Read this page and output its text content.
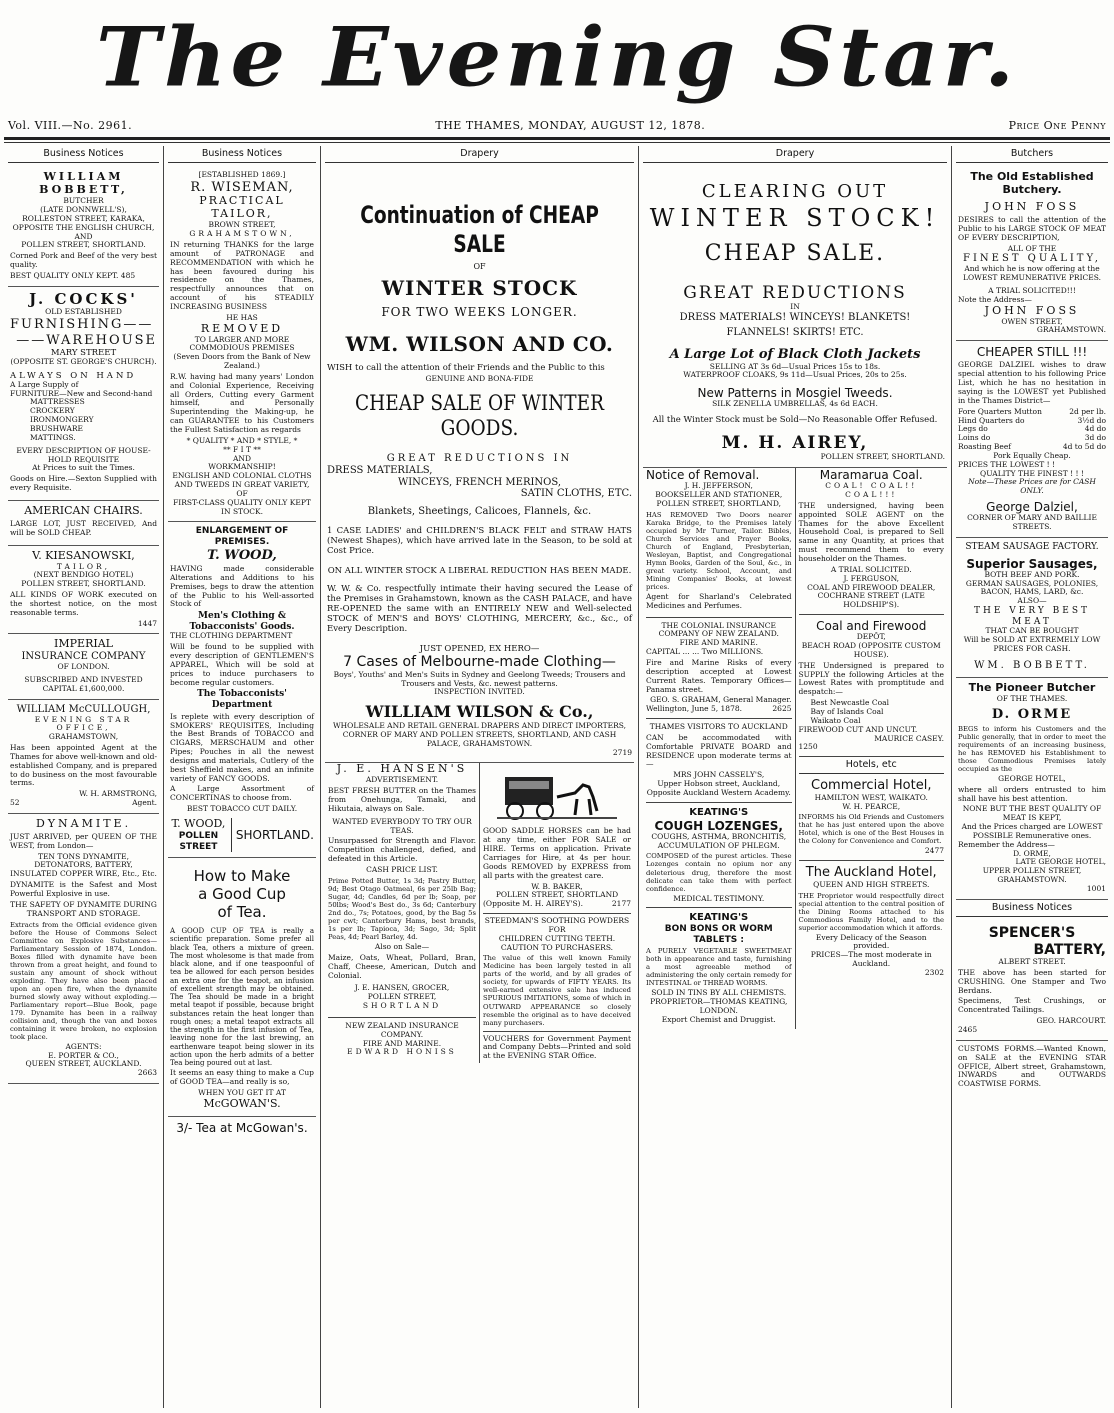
The Evening Star.
Vol. VIII.—No. 2961.	THE THAMES, MONDAY, AUGUST 12, 1878.	Price One Penny
Business Notices
WILLIAM BOBBETT,
BUTCHER
(LATE DONNWELL'S),
ROLLESTON STREET, KARAKA,
OPPOSITE THE ENGLISH CHURCH,
AND
POLLEN STREET, SHORTLAND.
Corned Pork and Beef of the very best quality.
BEST QUALITY ONLY KEPT. 485
J. COCKS'
OLD ESTABLISHED
FURNISHING——
——WAREHOUSE
MARY STREET
(OPPOSITE ST. GEORGE'S CHURCH).
ALWAYS ON HAND
A Large Supply of
FURNITURE—New and Second-hand
MATTRESSES
CROCKERY
IRONMONGERY
BRUSHWARE
MATTINGS.
EVERY DESCRIPTION OF HOUSE-HOLD REQUISITE
At Prices to suit the Times.
Goods on Hire.—Sexton Supplied with every Requisite.
AMERICAN CHAIRS.
LARGE LOT, JUST RECEIVED, And will be SOLD CHEAP.
V. KIESANOWSKI,
TAILOR,
(NEXT BENDIGO HOTEL)
POLLEN STREET, SHORTLAND.
ALL KINDS OF WORK executed on the shortest notice, on the most reasonable terms.
1447
IMPERIAL
INSURANCE COMPANY
OF LONDON.
SUBSCRIBED AND INVESTED
CAPITAL £1,600,000.
WILLIAM McCULLOUGH,
EVENING STAR OFFICE,
GRAHAMSTOWN,
Has been appointed Agent at the Thames for above well-known and old-established Company, and is prepared to do business on the most favourable terms.
W. H. ARMSTRONG,
52	Agent.
DYNAMITE.
JUST ARRIVED, per QUEEN OF THE WEST, from London—
TEN TONS DYNAMITE,
DETONATORS, BATTERY, INSULATED COPPER WIRE, Etc., Etc.
DYNAMITE is the Safest and Most Powerful Explosive in use.
THE SAFETY OF DYNAMITE DURING TRANSPORT AND STORAGE.
Extracts from the Official evidence given before the House of Commons Select Committee on Explosive Substances—Parliamentary Session of 1874, London. Boxes filled with dynamite have been thrown from a great height, and found to sustain any amount of shock without exploding. They have also been placed upon an open fire, when the dynamite burned slowly away without exploding.—Parliamentary report—Blue Book, page 179. Dynamite has been in a railway collision and, though the van and boxes containing it were broken, no explosion took place.
AGENTS:
E. PORTER & CO.,
QUEEN STREET, AUCKLAND.
2663
Business Notices
[ESTABLISHED 1869.]
R. WISEMAN,
PRACTICAL TAILOR,
BROWN STREET,
GRAHAMSTOWN,
IN returning THANKS for the large amount of PATRONAGE and RECOMMENDATION with which he has been favoured during his residence on the Thames, respectfully announces that on account of his STEADILY INCREASING BUSINESS
HE HAS
REMOVED
TO LARGER AND MORE COMMODIOUS PREMISES
(Seven Doors from the Bank of New Zealand.)
R.W. having had many years' London and Colonial Experience, Receiving all Orders, Cutting every Garment himself, and Personally Superintending the Making-up, he can GUARANTEE to his Customers the Fullest Satisfaction as regards
* QUALITY * AND * STYLE, *
** F I T **
AND
WORKMANSHIP!
ENGLISH AND COLONIAL CLOTHS AND TWEEDS IN GREAT VARIETY,
OF
FIRST-CLASS QUALITY ONLY KEPT IN STOCK.
ENLARGEMENT OF PREMISES.
T. WOOD,
HAVING made considerable Alterations and Additions to his Premises, begs to draw the attention of the Public to his Well-assorted Stock of
Men's Clothing & Tobacconists' Goods.
THE CLOTHING DEPARTMENT
Will be found to be supplied with every description of GENTLEMEN'S APPAREL, Which will be sold at prices to induce purchasers to become regular customers.
The Tobacconists' Department
Is replete with every description of SMOKERS' REQUISITES, Including the Best Brands of TOBACCO and CIGARS, MERSCHAUM and other Pipes; Pouches in all the newest designs and materials, Cutlery of the best Sheffield makes, and an infinite variety of FANCY GOODS.
A Large Assortment of CONCERTINAS to choose from.
BEST TOBACCO CUT DAILY.
T. WOOD,
POLLEN STREET
SHORTLAND.
How to Make
a Good Cup
of Tea.
A GOOD CUP OF TEA is really a scientific preparation. Some prefer all black Tea, others a mixture of green. The most wholesome is that made from black alone, and if one teaspoonful of tea be allowed for each person besides an extra one for the teapot, an infusion of excellent strength may be obtained. The Tea should be made in a bright metal teapot if possible, because bright substances retain the heat longer than rough ones; a metal teapot extracts all the strength in the first infusion of Tea, leaving none for the last brewing, an earthenware teapot being slower in its action upon the herb admits of a better Tea being poured out at last.
It seems an easy thing to make a Cup of GOOD TEA—and really is so,
WHEN YOU GET IT AT
McGOWAN'S.
3/- Tea at McGowan's.
Drapery
Continuation of CHEAP SALE
OF
WINTER STOCK
FOR TWO WEEKS LONGER.
WM. WILSON AND CO.
WISH to call the attention of their Friends and the Public to this
GENUINE AND BONA-FIDE
CHEAP SALE OF WINTER GOODS.
GREAT REDUCTIONS IN
DRESS MATERIALS,
WINCEYS, FRENCH MERINOS,
SATIN CLOTHS, ETC.
Blankets, Sheetings, Calicoes, Flannels, &c.
1 CASE LADIES' and CHILDREN'S BLACK FELT and STRAW HATS (Newest Shapes), which have arrived late in the Season, to be sold at Cost Price.
ON ALL WINTER STOCK A LIBERAL REDUCTION HAS BEEN MADE.
W. W. & Co. respectfully intimate their having secured the Lease of the Premises in Grahamstown, known as the CASH PALACE, and have RE-OPENED the same with an ENTIRELY NEW and Well-selected STOCK of MEN'S and BOYS' CLOTHING, MERCERY, &c., &c., of Every Description.
JUST OPENED, EX HERO—
7 Cases of Melbourne-made Clothing—
Boys', Youths' and Men's Suits in Sydney and Geelong Tweeds; Trousers and Trousers and Vests, &c. newest patterns.
INSPECTION INVITED.
WILLIAM WILSON & Co.,
WHOLESALE AND RETAIL GENERAL DRAPERS AND DIRECT IMPORTERS,
CORNER OF MARY AND POLLEN STREETS, SHORTLAND, AND CASH PALACE, GRAHAMSTOWN.
2719
J. E. HANSEN'S
ADVERTISEMENT.
BEST FRESH BUTTER on the Thames from Onehunga, Tamaki, and Hikutaia, always on Sale.
WANTED EVERYBODY TO TRY OUR TEAS.
Unsurpassed for Strength and Flavor. Competition challenged, defied, and defeated in this Article.
CASH PRICE LIST.
Prime Potted Butter, 1s 3d; Pastry Butter, 9d; Best Otago Oatmeal, 6s per 25lb Bag; Sugar, 4d; Candles, 6d per lb; Soap, per 50lbs; Wood's Best do., 3s 6d; Canterbury 2nd do., 7s; Potatoes, good, by the Bag 5s per cwt; Canterbury Hams, best brands, 1s per lb; Tapioca, 3d; Sago, 3d; Split Peas, 4d; Pearl Barley, 4d.
Also on Sale—
Maize, Oats, Wheat, Pollard, Bran, Chaff, Cheese, American, Dutch and Colonial.
J. E. HANSEN, GROCER,
POLLEN STREET,
SHORTLAND
NEW ZEALAND INSURANCE COMPANY.
FIRE AND MARINE.
EDWARD HONISS
GOOD SADDLE HORSES can be had at any time, either FOR SALE or HIRE. Terms on application. Private Carriages for Hire, at 4s per hour. Goods REMOVED by EXPRESS from all parts with the greatest care.
W. B. BAKER,
POLLEN STREET, SHORTLAND
(Opposite M. H. AIREY'S).	2177
STEEDMAN'S SOOTHING POWDERS
FOR
CHILDREN CUTTING TEETH.
CAUTION TO PURCHASERS.
The value of this well known Family Medicine has been largely tested in all parts of the world, and by all grades of society, for upwards of FIFTY YEARS. Its well-earned extensive sale has induced SPURIOUS IMITATIONS, some of which in OUTWARD APPEARANCE so closely resemble the original as to have deceived many purchasers.
VOUCHERS for Government Payment and Company Debts—Printed and sold at the EVENING STAR Office.
Drapery
CLEARING OUT
WINTER STOCK!
CHEAP SALE.
GREAT REDUCTIONS
IN
DRESS MATERIALS! WINCEYS! BLANKETS!
FLANNELS! SKIRTS! ETC.
A Large Lot of Black Cloth Jackets
SELLING AT 3s 6d—Usual Prices 15s to 18s.
WATERPROOF CLOAKS, 9s 11d—Usual Prices, 20s to 25s.
New Patterns in Mosgiel Tweeds.
SILK ZENELLA UMBRELLAS, 4s 6d EACH.
All the Winter Stock must be Sold—No Reasonable Offer Refused.
M. H. AIREY,
POLLEN STREET, SHORTLAND.
Notice of Removal.
J. H. JEFFERSON,
BOOKSELLER AND STATIONER,
POLLEN STREET, SHORTLAND,
HAS REMOVED Two Doors nearer Karaka Bridge, to the Premises lately occupied by Mr Turner, Tailor. Bibles, Church Services and Prayer Books, Church of England, Presbyterian, Wesleyan, Baptist, and Congregational Hymn Books, Garden of the Soul, &c., in great variety. School, Account, and Mining Companies' Books, at lowest prices.
Agent for Sharland's Celebrated Medicines and Perfumes.
THE COLONIAL INSURANCE COMPANY OF NEW ZEALAND.
FIRE AND MARINE.
CAPITAL ... ... Two MILLIONS.
Fire and Marine Risks of every description accepted at Lowest Current Rates. Temporary Offices—Panama street.
GEO. S. GRAHAM, General Manager.
Wellington, June 5, 1878.	2625
THAMES VISITORS TO AUCKLAND
CAN be accommodated with Comfortable PRIVATE BOARD and RESIDENCE upon moderate terms at—
MRS JOHN CASSELY'S,
Upper Hobson street, Auckland,
Opposite Auckland Western Academy.
KEATING'S
COUGH LOZENGES,
COUGHS, ASTHMA, BRONCHITIS, ACCUMULATION OF PHLEGM.
COMPOSED of the purest articles. These Lozenges contain no opium nor any deleterious drug, therefore the most delicate can take them with perfect confidence.
MEDICAL TESTIMONY.
KEATING'S
BON BONS OR WORM TABLETS :
A PURELY VEGETABLE SWEETMEAT both in appearance and taste, furnishing a most agreeable method of administering the only certain remedy for INTESTINAL or THREAD WORMS.
SOLD IN TINS BY ALL CHEMISTS.
PROPRIETOR—THOMAS KEATING, LONDON.
Export Chemist and Druggist.
Maramarua Coal.
COAL! COAL!! COAL!!!
THE undersigned, having been appointed SOLE AGENT on the Thames for the above Excellent Household Coal, is prepared to Sell same in any Quantity, at prices that must recommend them to every householder on the Thames.
A TRIAL SOLICITED.
J. FERGUSON,
COAL AND FIREWOOD DEALER,
COCHRANE STREET (LATE HOLDSHIP'S).
Coal and Firewood
DEPÔT,
BEACH ROAD (OPPOSITE CUSTOM HOUSE).
THE Undersigned is prepared to SUPPLY the following Articles at the Lowest Rates with promptitude and despatch:—
Best Newcastle Coal
Bay of Islands Coal
Waikato Coal
FIREWOOD CUT AND UNCUT.
MAURICE CASEY.
1250
Hotels, etc
Commercial Hotel,
HAMILTON WEST, WAIKATO.
W. H. PEARCE,
INFORMS his Old Friends and Customers that he has just entered upon the above Hotel, which is one of the Best Houses in the Colony for Convenience and Comfort.
2477
The Auckland Hotel,
QUEEN AND HIGH STREETS.
THE Proprietor would respectfully direct special attention to the central position of the Dining Rooms attached to his Commodious Family Hotel, and to the superior accommodation which it affords.
Every Delicacy of the Season provided.
PRICES—The most moderate in Auckland.
2302
Butchers
The Old Established Butchery.
JOHN FOSS
DESIRES to call the attention of the Public to his LARGE STOCK OF MEAT OF EVERY DESCRIPTION,
ALL OF THE
FINEST QUALITY,
And which he is now offering at the LOWEST REMUNERATIVE PRICES.
A TRIAL SOLICITED!!!
Note the Address—
JOHN FOSS
OWEN STREET,
GRAHAMSTOWN.
CHEAPER STILL !!!
GEORGE DALZIEL wishes to draw special attention to his following Price List, which he has no hesitation in saying is the LOWEST yet Published in the Thames District—
Fore Quarters Mutton	2d per lb.
Hind Quarters do	3½d do
Legs do	4d do
Loins do	3d do
Roasting Beef	4d to 5d do
Pork Equally Cheap.
PRICES THE LOWEST ! !
QUALITY THE FINEST ! ! !
Note—These Prices are for CASH ONLY.
George Dalziel,
CORNER OF MARY AND BAILLIE STREETS.
STEAM SAUSAGE FACTORY.
Superior Sausages,
BOTH BEEF AND PORK.
GERMAN SAUSAGES, POLONIES, BACON, HAMS, LARD, &c.
ALSO—
THE VERY BEST MEAT
THAT CAN BE BOUGHT
Will be SOLD AT EXTREMELY LOW PRICES FOR CASH.
WM. BOBBETT.
The Pioneer Butcher
OF THE THAMES.
D. ORME
BEGS to inform his Customers and the Public generally, that in order to meet the requirements of an increasing business, he has REMOVED his Establishment to those Commodious Premises lately occupied as the
GEORGE HOTEL,
where all orders entrusted to him shall have his best attention.
NONE BUT THE BEST QUALITY OF MEAT IS KEPT,
And the Prices charged are LOWEST POSSIBLE Remunerative ones.
Remember the Address—
D. ORME,
LATE GEORGE HOTEL,
UPPER POLLEN STREET,
GRAHAMSTOWN.
1001
Business Notices
SPENCER'S
BATTERY,
ALBERT STREET.
THE above has been started for CRUSHING. One Stamper and Two Berdans.
Specimens, Test Crushings, or Concentrated Tailings.
GEO. HARCOURT.
2465
CUSTOMS FORMS.—Wanted Known, on SALE at the EVENING STAR OFFICE, Albert street, Grahamstown, INWARDS and OUTWARDS COASTWISE FORMS.
